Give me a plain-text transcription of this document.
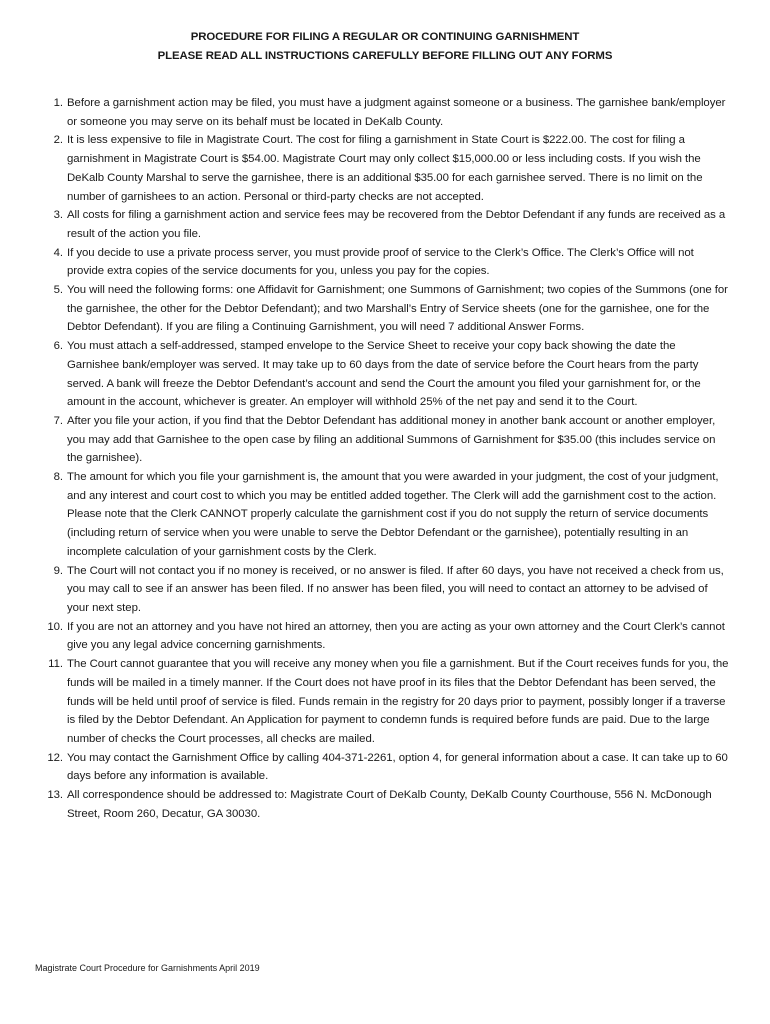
PROCEDURE FOR FILING A REGULAR OR CONTINUING GARNISHMENT
PLEASE READ ALL INSTRUCTIONS CAREFULLY BEFORE FILLING OUT ANY FORMS
1. Before a garnishment action may be filed, you must have a judgment against someone or a business. The garnishee bank/employer or someone you may serve on its behalf must be located in DeKalb County.
2. It is less expensive to file in Magistrate Court. The cost for filing a garnishment in State Court is $222.00. The cost for filing a garnishment in Magistrate Court is $54.00. Magistrate Court may only collect $15,000.00 or less including costs. If you wish the DeKalb County Marshal to serve the garnishee, there is an additional $35.00 for each garnishee served. There is no limit on the number of garnishees to an action. Personal or third-party checks are not accepted.
3. All costs for filing a garnishment action and service fees may be recovered from the Debtor Defendant if any funds are received as a result of the action you file.
4. If you decide to use a private process server, you must provide proof of service to the Clerk’s Office. The Clerk’s Office will not provide extra copies of the service documents for you, unless you pay for the copies.
5. You will need the following forms: one Affidavit for Garnishment; one Summons of Garnishment; two copies of the Summons (one for the garnishee, the other for the Debtor Defendant); and two Marshall’s Entry of Service sheets (one for the garnishee, one for the Debtor Defendant). If you are filing a Continuing Garnishment, you will need 7 additional Answer Forms.
6. You must attach a self-addressed, stamped envelope to the Service Sheet to receive your copy back showing the date the Garnishee bank/employer was served. It may take up to 60 days from the date of service before the Court hears from the party served. A bank will freeze the Debtor Defendant’s account and send the Court the amount you filed your garnishment for, or the amount in the account, whichever is greater. An employer will withhold 25% of the net pay and send it to the Court.
7. After you file your action, if you find that the Debtor Defendant has additional money in another bank account or another employer, you may add that Garnishee to the open case by filing an additional Summons of Garnishment for $35.00 (this includes service on the garnishee).
8. The amount for which you file your garnishment is, the amount that you were awarded in your judgment, the cost of your judgment, and any interest and court cost to which you may be entitled added together. The Clerk will add the garnishment cost to the action. Please note that the Clerk CANNOT properly calculate the garnishment cost if you do not supply the return of service documents (including return of service when you were unable to serve the Debtor Defendant or the garnishee), potentially resulting in an incomplete calculation of your garnishment costs by the Clerk.
9. The Court will not contact you if no money is received, or no answer is filed. If after 60 days, you have not received a check from us, you may call to see if an answer has been filed. If no answer has been filed, you will need to contact an attorney to be advised of your next step.
10. If you are not an attorney and you have not hired an attorney, then you are acting as your own attorney and the Court Clerk’s cannot give you any legal advice concerning garnishments.
11. The Court cannot guarantee that you will receive any money when you file a garnishment. But if the Court receives funds for you, the funds will be mailed in a timely manner. If the Court does not have proof in its files that the Debtor Defendant has been served, the funds will be held until proof of service is filed. Funds remain in the registry for 20 days prior to payment, possibly longer if a traverse is filed by the Debtor Defendant. An Application for payment to condemn funds is required before funds are paid. Due to the large number of checks the Court processes, all checks are mailed.
12. You may contact the Garnishment Office by calling 404-371-2261, option 4, for general information about a case. It can take up to 60 days before any information is available.
13. All correspondence should be addressed to: Magistrate Court of DeKalb County, DeKalb County Courthouse, 556 N. McDonough Street, Room 260, Decatur, GA 30030.
Magistrate Court Procedure for Garnishments April 2019
